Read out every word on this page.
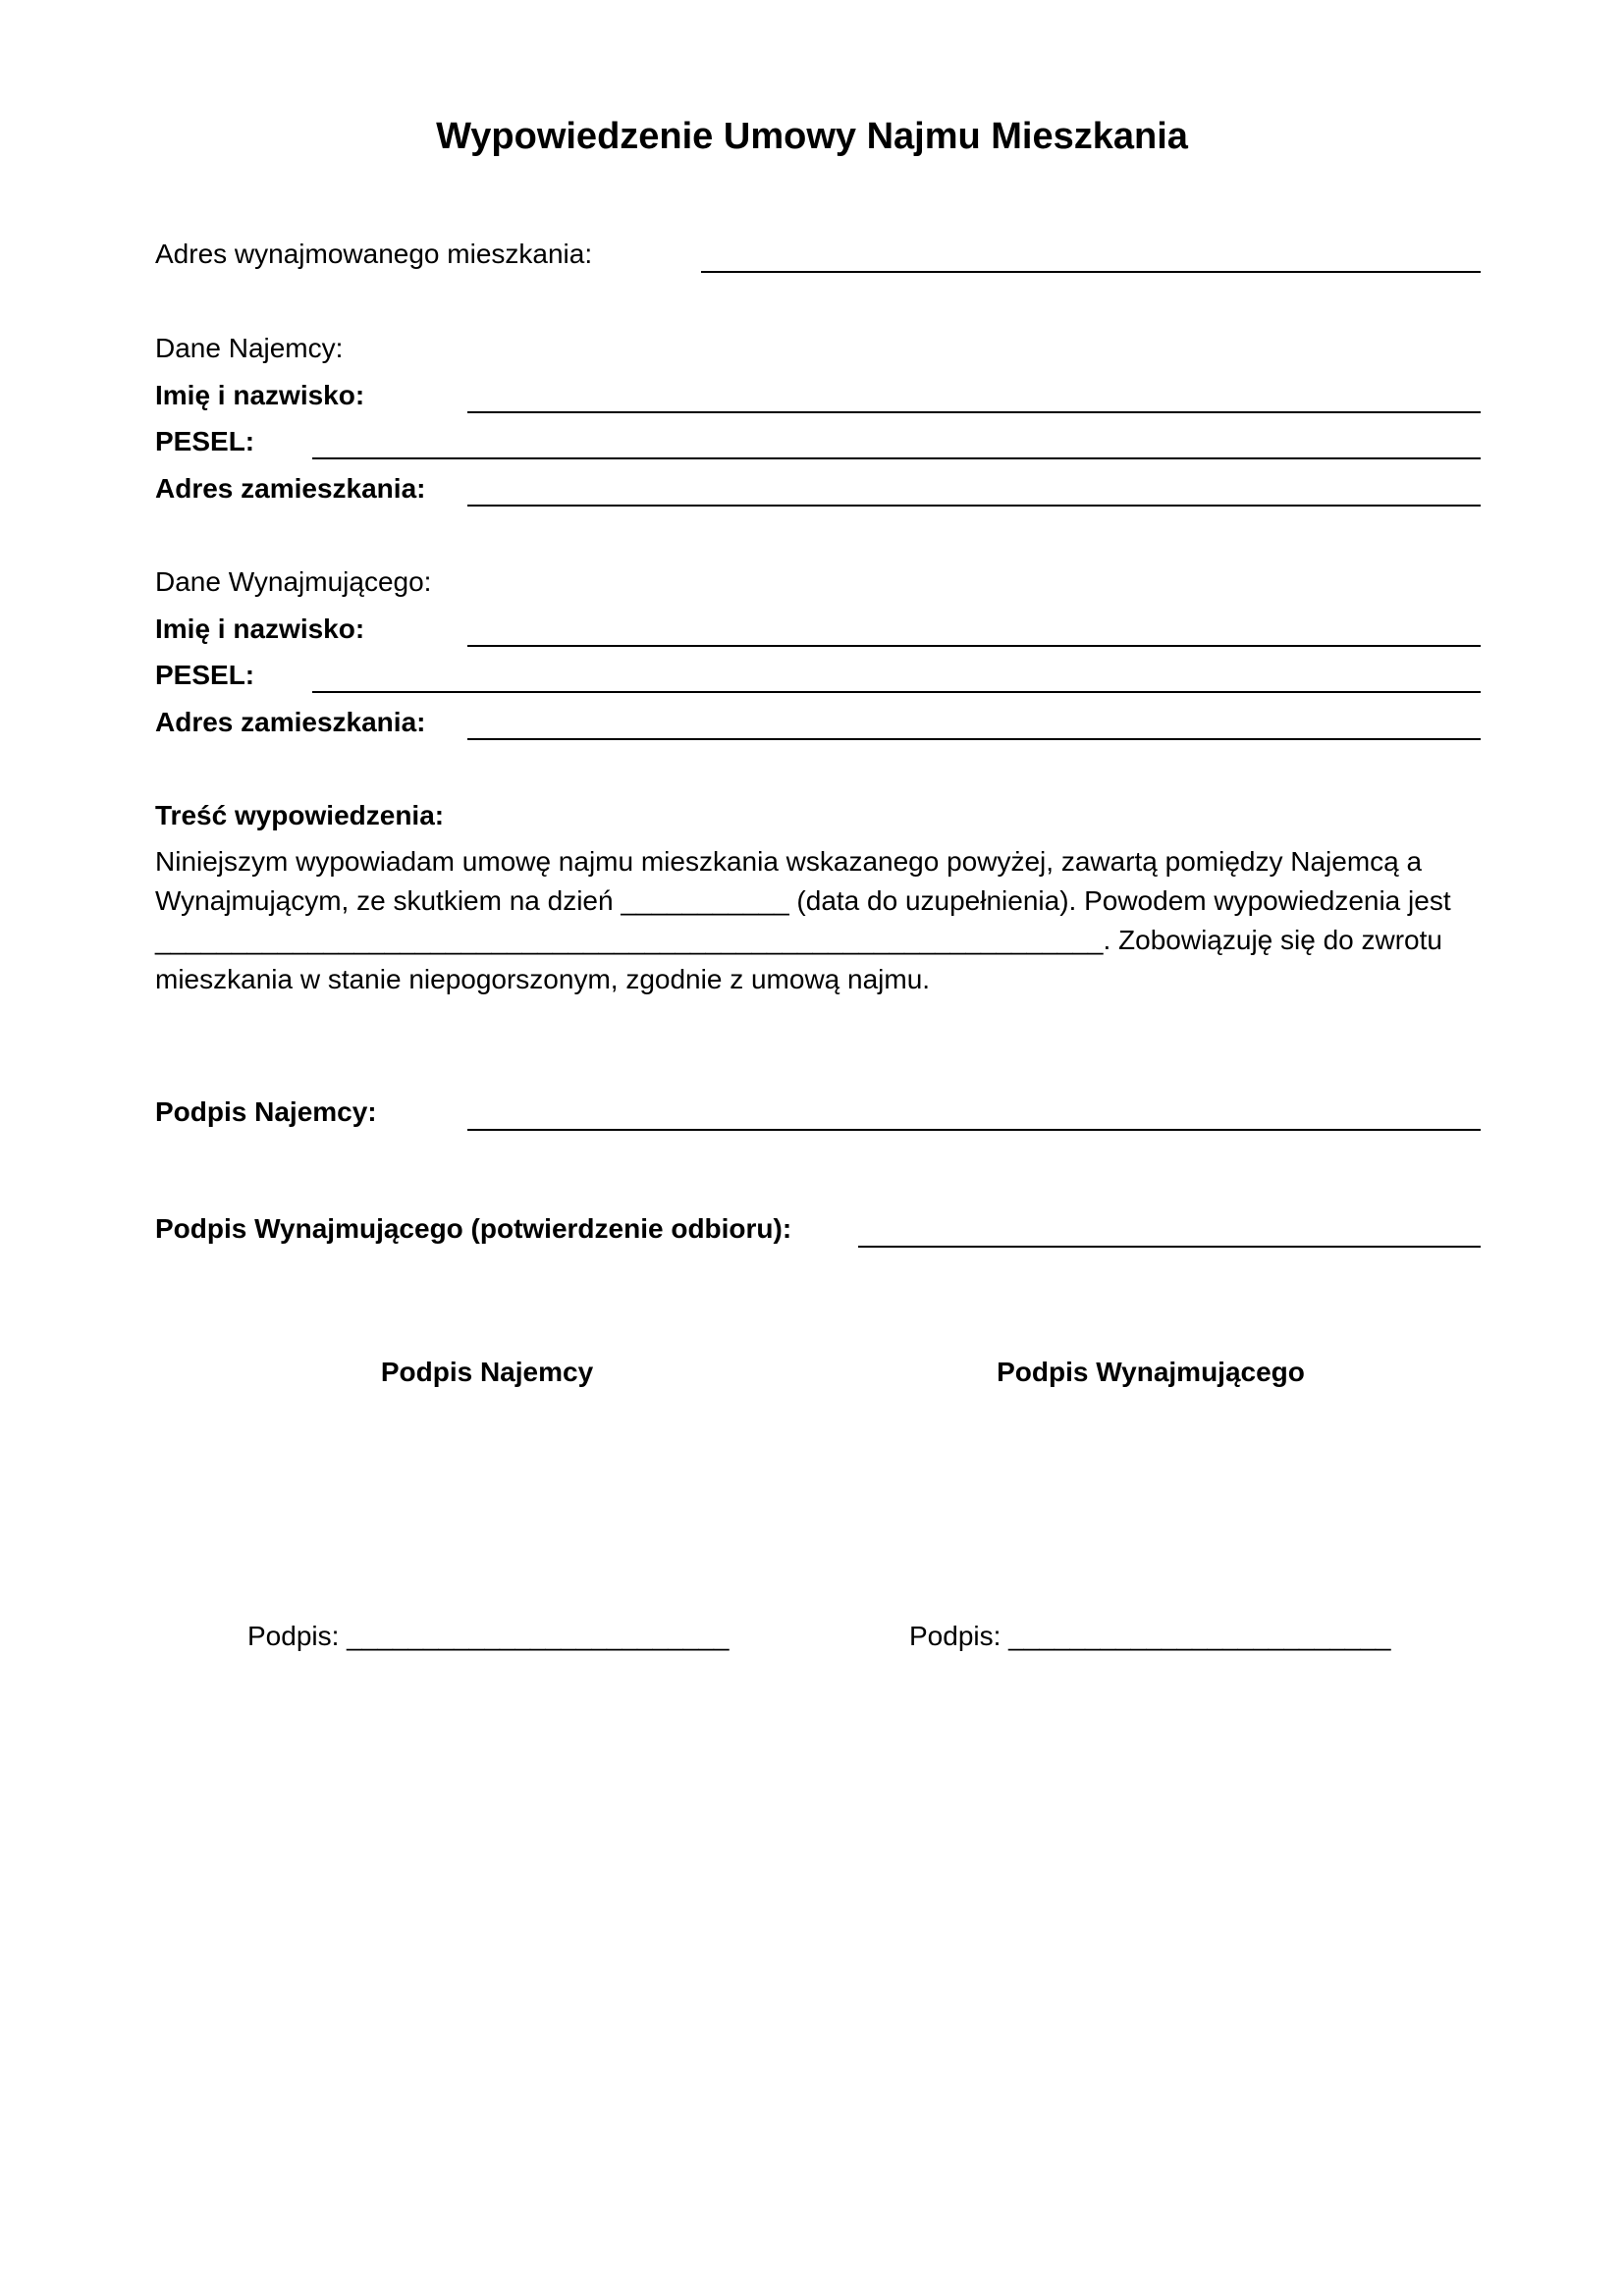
Wypowiedzenie Umowy Najmu Mieszkania
Adres wynajmowanego mieszkania:
Dane Najemcy:
Imię i nazwisko:
PESEL:
Adres zamieszkania:
Dane Wynajmującego:
Imię i nazwisko:
PESEL:
Adres zamieszkania:
Treść wypowiedzenia:
Niniejszym wypowiadam umowę najmu mieszkania wskazanego powyżej, zawartą pomiędzy Najemcą a
Wynajmującym, ze skutkiem na dzień ___________ (data do uzupełnienia). Powodem wypowiedzenia jest
______________________________________________________________. Zobowiązuję się do zwrotu
mieszkania w stanie niepogorszonym, zgodnie z umową najmu.
Podpis Najemcy:
Podpis Wynajmującego (potwierdzenie odbioru):
Podpis Najemcy	Podpis Wynajmującego
Podpis: _________________________	Podpis: _________________________
